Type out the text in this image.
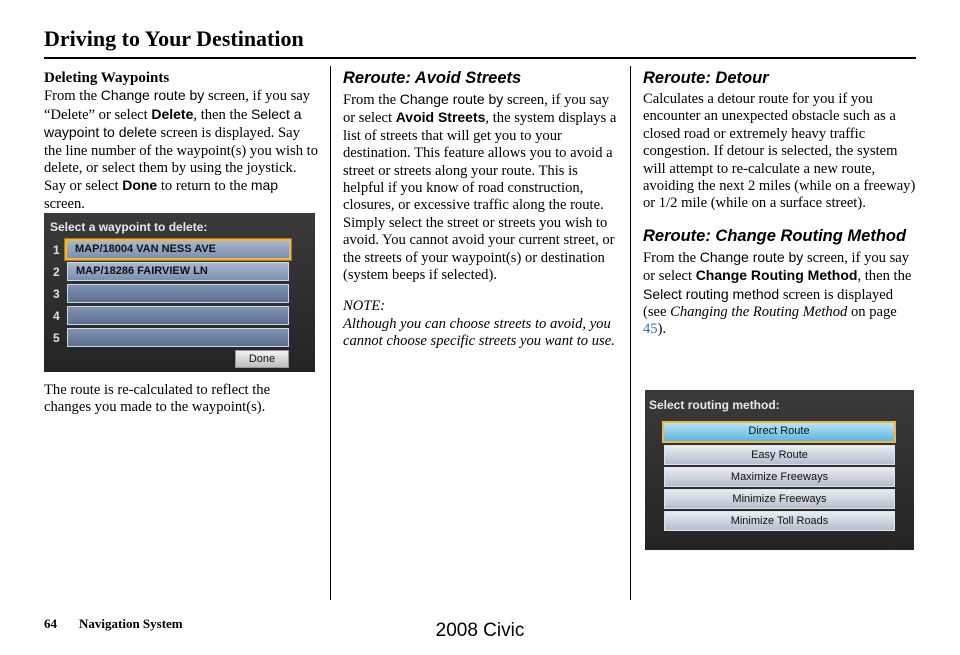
Driving to Your Destination
Deleting Waypoints

From the Change route by screen, if you say “Delete” or select Delete, then the Select a waypoint to delete screen is displayed. Say the line number of the waypoint(s) you wish to delete, or select them by using the joystick. Say or select Done to return to the map screen.

Select a waypoint to delete:
1	MAP/18004 VAN NESS AVE
2	MAP/18286 FAIRVIEW LN
3
4
5
Done

The route is re-calculated to reflect the changes you made to the waypoint(s).

Reroute: Avoid Streets

From the Change route by screen, if you say or select Avoid Streets, the system displays a list of streets that will get you to your destination. This feature allows you to avoid a street or streets along your route. This is helpful if you know of road construction, closures, or excessive traffic along the route. Simply select the street or streets you wish to avoid. You cannot avoid your current street, or the streets of your waypoint(s) or destination (system beeps if selected).

NOTE:

Although you can choose streets to avoid, you cannot choose specific streets you want to use.

Reroute: Detour

Calculates a detour route for you if you encounter an unexpected obstacle such as a closed road or extremely heavy traffic congestion. If detour is selected, the system will attempt to re-calculate a new route, avoiding the next 2 miles (while on a freeway) or 1/2 mile (while on a surface street).

Reroute: Change Routing Method

From the Change route by screen, if you say or select Change Routing Method, then the Select routing method screen is displayed (see Changing the Routing Method on page 45).

Select routing method:
Direct Route
Easy Route
Maximize Freeways
Minimize Freeways
Minimize Toll Roads
64 Navigation System	2008 Civic
